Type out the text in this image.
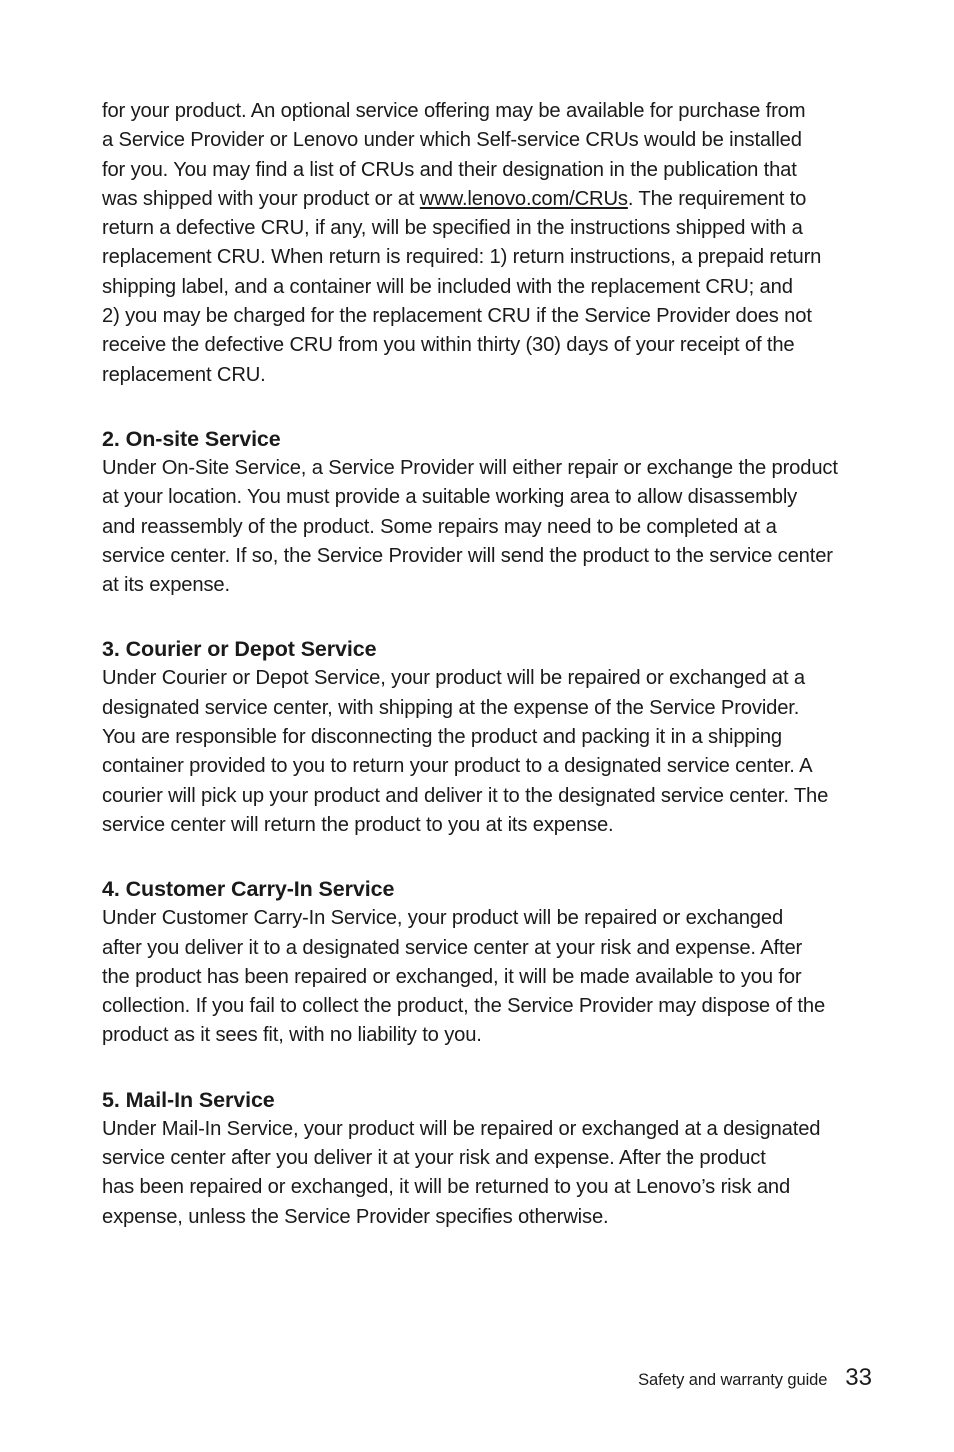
for your product. An optional service offering may be available for purchase from
a Service Provider or Lenovo under which Self-service CRUs would be installed
for you. You may find a list of CRUs and their designation in the publication that
was shipped with your product or at www.lenovo.com/CRUs. The requirement to
return a defective CRU, if any, will be specified in the instructions shipped with a
replacement CRU. When return is required: 1) return instructions, a prepaid return
shipping label, and a container will be included with the replacement CRU; and
2) you may be charged for the replacement CRU if the Service Provider does not
receive the defective CRU from you within thirty (30) days of your receipt of the
replacement CRU.

2. On-site Service

Under On-Site Service, a Service Provider will either repair or exchange the product
at your location. You must provide a suitable working area to allow disassembly
and reassembly of the product. Some repairs may need to be completed at a
service center. If so, the Service Provider will send the product to the service center
at its expense.

3. Courier or Depot Service

Under Courier or Depot Service, your product will be repaired or exchanged at a
designated service center, with shipping at the expense of the Service Provider.
You are responsible for disconnecting the product and packing it in a shipping
container provided to you to return your product to a designated service center. A
courier will pick up your product and deliver it to the designated service center. The
service center will return the product to you at its expense.

4. Customer Carry-In Service

Under Customer Carry-In Service, your product will be repaired or exchanged
after you deliver it to a designated service center at your risk and expense. After
the product has been repaired or exchanged, it will be made available to you for
collection. If you fail to collect the product, the Service Provider may dispose of the
product as it sees fit, with no liability to you.

5. Mail-In Service

Under Mail-In Service, your product will be repaired or exchanged at a designated
service center after you deliver it at your risk and expense. After the product
has been repaired or exchanged, it will be returned to you at Lenovo’s risk and
expense, unless the Service Provider specifies otherwise.

Safety and warranty guide 33
